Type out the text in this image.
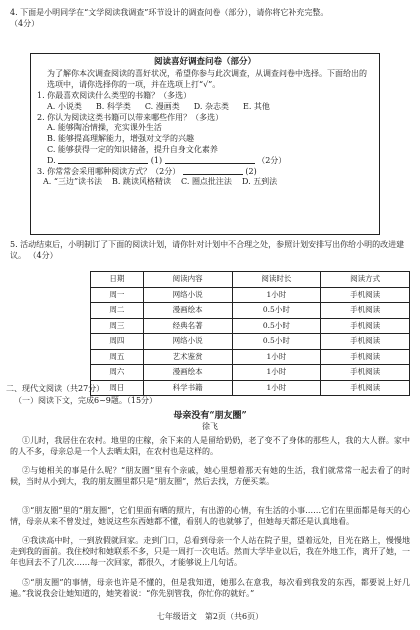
4. 下面是小明同学在“文学阅读我调查”环节设计的调查问卷（部分），请你将它补充完整。
（4分）
阅读喜好调查问卷（部分）

为了解你本次调查阅读的喜好状况，希望你参与此次调查，从调查问卷中选择。下面给出的选项中，请你选择你的一项，并在选项上打“√”。

1. 你最喜欢阅读什么类型的书籍？（多选）

A. 小说类 B. 科学类 C. 漫画类 D. 杂志类 E. 其他

2. 你认为阅读这类书籍可以带来哪些作用？（多选）

A. 能够陶冶情操，充实课外生活

B. 能够提高理解能力，增强对文学的兴趣

C. 能够获得一定的知识储备，提升自身文化素养

D.	(1)	（2分）

3. 你常常会采用哪种阅读方式？（2分）	(2)

A. “三边”读书法 B. 跳读风格精读 C. 圈点批注法 D. 五到法
5. 活动结束后，小明制订了下面的阅读计划，请你针对计划中不合理之处，参照计划安排写出你给小明的改进建议。 （4分）
日期	阅读内容	阅读时长	阅读方式
周一	网络小说	1小时	手机阅读
周二	漫画绘本	0.5小时	手机阅读
周三	经典名著	0.5小时	手机阅读
周四	网络小说	0.5小时	手机阅读
周五	艺术鉴赏	1小时	手机阅读
周六	漫画绘本	1小时	手机阅读
周日	科学书籍	1小时	手机阅读
二、现代文阅读（共27分）
（一）阅读下文，完成6~9题。（15分）
母亲没有“朋友圈”
徐飞
①儿时，我居住在农村。地里的庄稼，余下来的人是留给奶奶，老了变不了身体的那些人，我的大人群。家中的人不多，母亲总是一个人去晒太阳，在农村也是这样的。
②与她相关的事是什么呢？“朋友圈”里有个亲戚，她心里想着那天有她的生活，我们就常常一起去看了的时候，当时从小到大，我的朋友圈里都只是“朋友圈”，然后去找，方便买菜。
③“朋友圈”里的“朋友圈”，它们里面有晒的照片，有出游的心情，有生活的小事……它们在里面都是每天的心情，母亲从来不曾发过，她说这些东西她都不懂，看别人的也就够了，但她每天都还是认真地看。
④我读高中时，一到放假就回家。走到门口，总看到母亲一个人站在院子里，望着远处，目光在路上，慢慢地走到我的面前。我住校时和她联系不多，只是一周打一次电话。然而大学毕业以后，我在外地工作，离开了她，一年也回去不了几次……每一次回家，都很久，才能够说上几句话。
⑤“朋友圈”的事情，母亲也许是不懂的，但是我知道，她那么在意我，每次看到我发的东西，都要说上好几遍。”我说我会让她知道的，她笑着说：“你先别管我，你忙你的就好。”
七年级语文　第2页（共6页）
